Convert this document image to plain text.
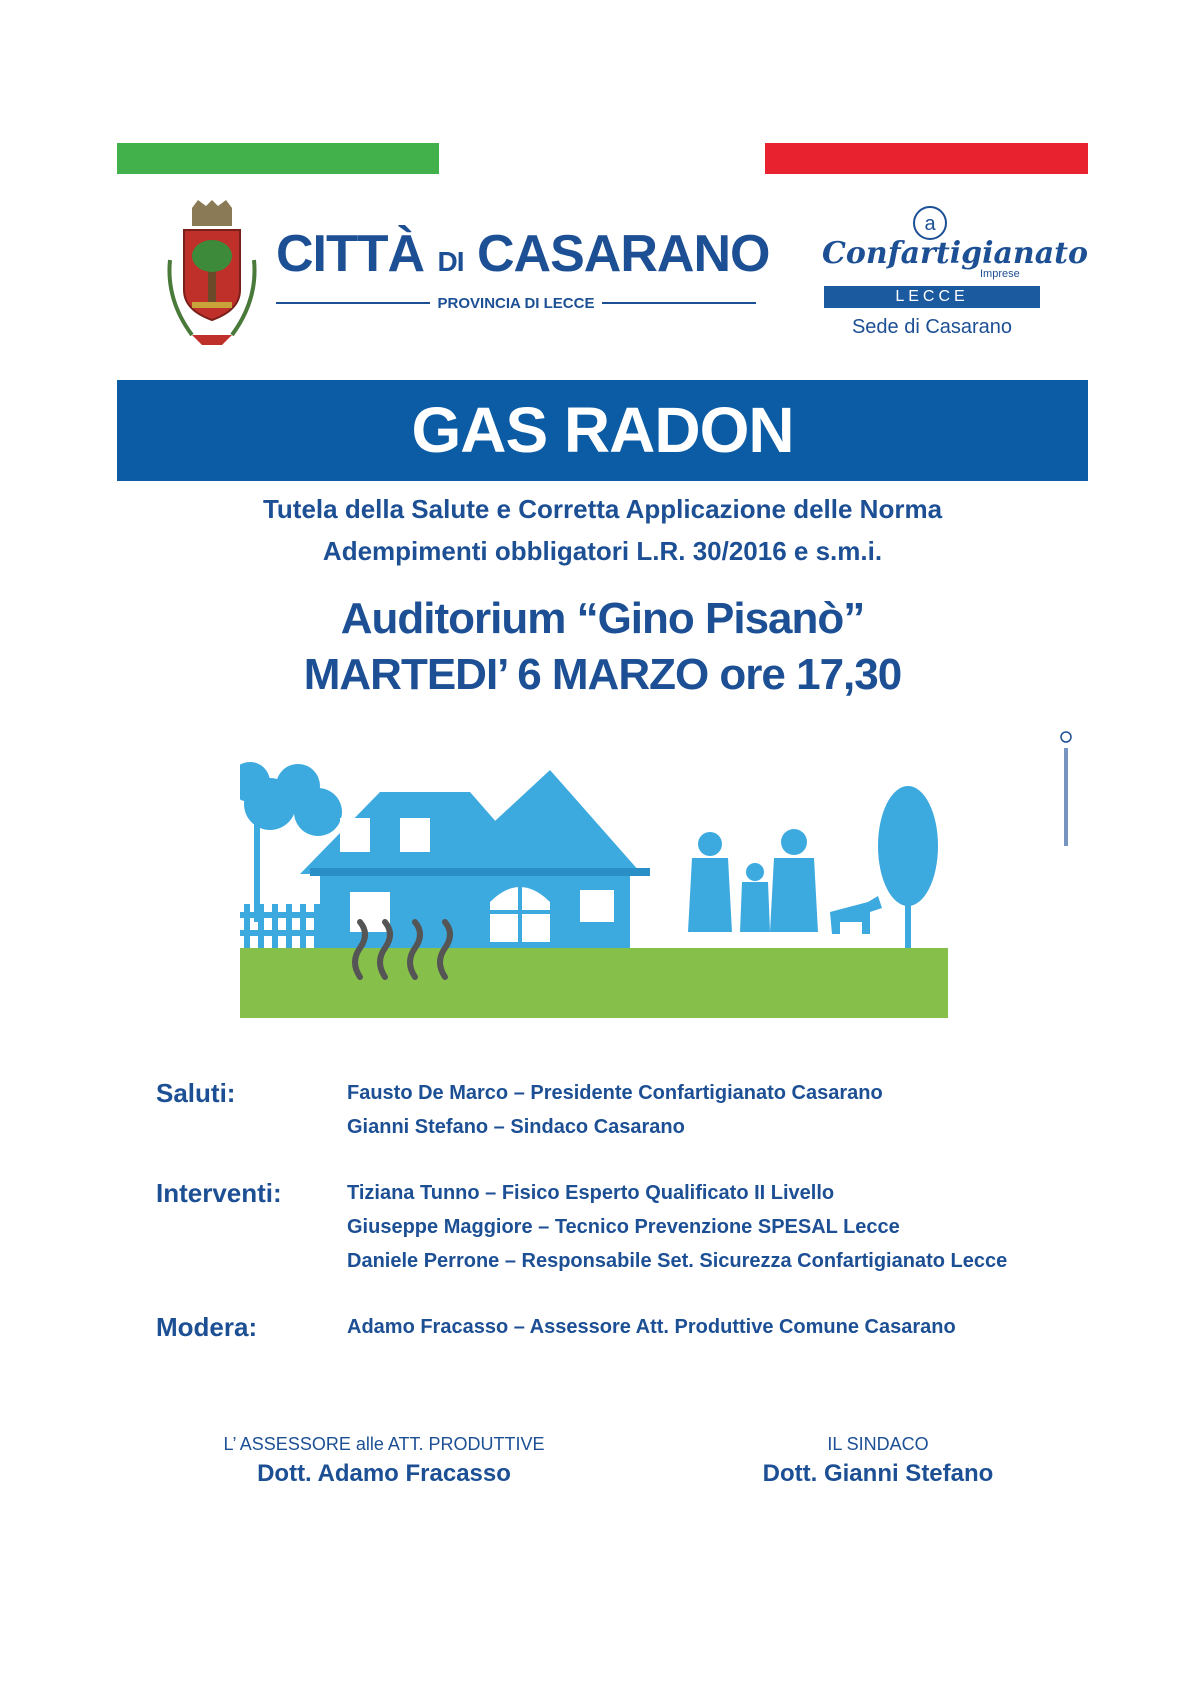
CITTÀ DI CASARANO
PROVINCIA DI LECCE
a
Confartigianato
Imprese
LECCE
Sede di Casarano
GAS RADON
Tutela della Salute e Corretta Applicazione delle Norma
Adempimenti obbligatori L.R. 30/2016 e s.m.i.
Auditorium “Gino Pisanò”
MARTEDI’ 6 MARZO ore 17,30
Saluti:	Fausto De Marco – Presidente Confartigianato Casarano
Gianni Stefano – Sindaco Casarano
Interventi:	Tiziana Tunno – Fisico Esperto Qualificato II Livello
Giuseppe Maggiore – Tecnico Prevenzione SPESAL Lecce
Daniele Perrone – Responsabile Set. Sicurezza Confartigianato Lecce
Modera:	Adamo Fracasso – Assessore Att. Produttive Comune Casarano
L’ ASSESSORE alle ATT. PRODUTTIVE
Dott. Adamo Fracasso
IL SINDACO
Dott. Gianni Stefano
